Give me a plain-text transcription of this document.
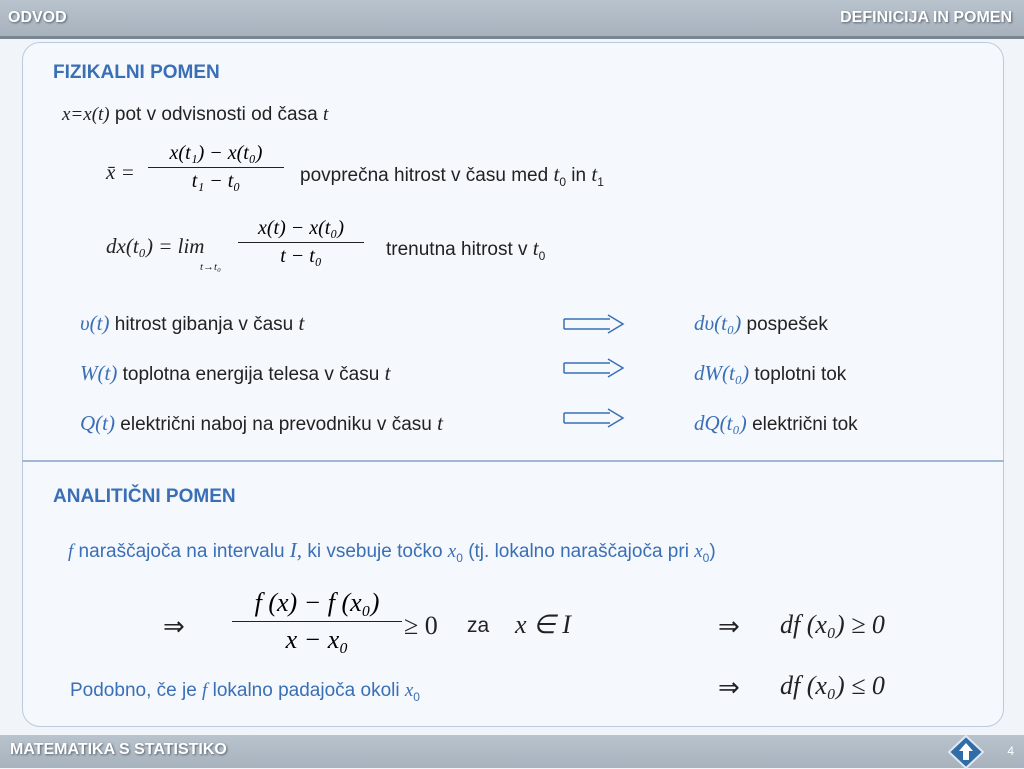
ODVOD	DEFINICIJA IN POMEN
FIZIKALNI POMEN
x=x(t) pot v odvisnosti od časa t
x̄ =
x(t₁) − x(t₀)
t₁ − t₀	povprečna hitrost v času med $t_0$ in $t_1$
dx(t₀) = lim
t→t₀
x(t) − x(t₀)
t − t₀	trenutna hitrost v $t_0$
υ(t) hitrost gibanja v času t	dυ(t₀) pospešek
W(t) toplotna energija telesa v času t	dW(t₀) toplotni tok
Q(t) električni naboj na prevodniku v času t	dQ(t₀) električni tok
ANALITIČNI POMEN
f naraščajoča na intervalu I, ki vsebuje točko $x_0$ (tj. lokalno naraščajoča pri $x_0$)
⇒
f (x) − f (x₀)
x − x₀	≥ 0 za x ∈ I	⇒ df (x₀) ≥ 0
Podobno, če je f lokalno padajoča okoli $x_0$	⇒ df (x₀) ≤ 0
MATEMATIKA S STATISTIKO	4
